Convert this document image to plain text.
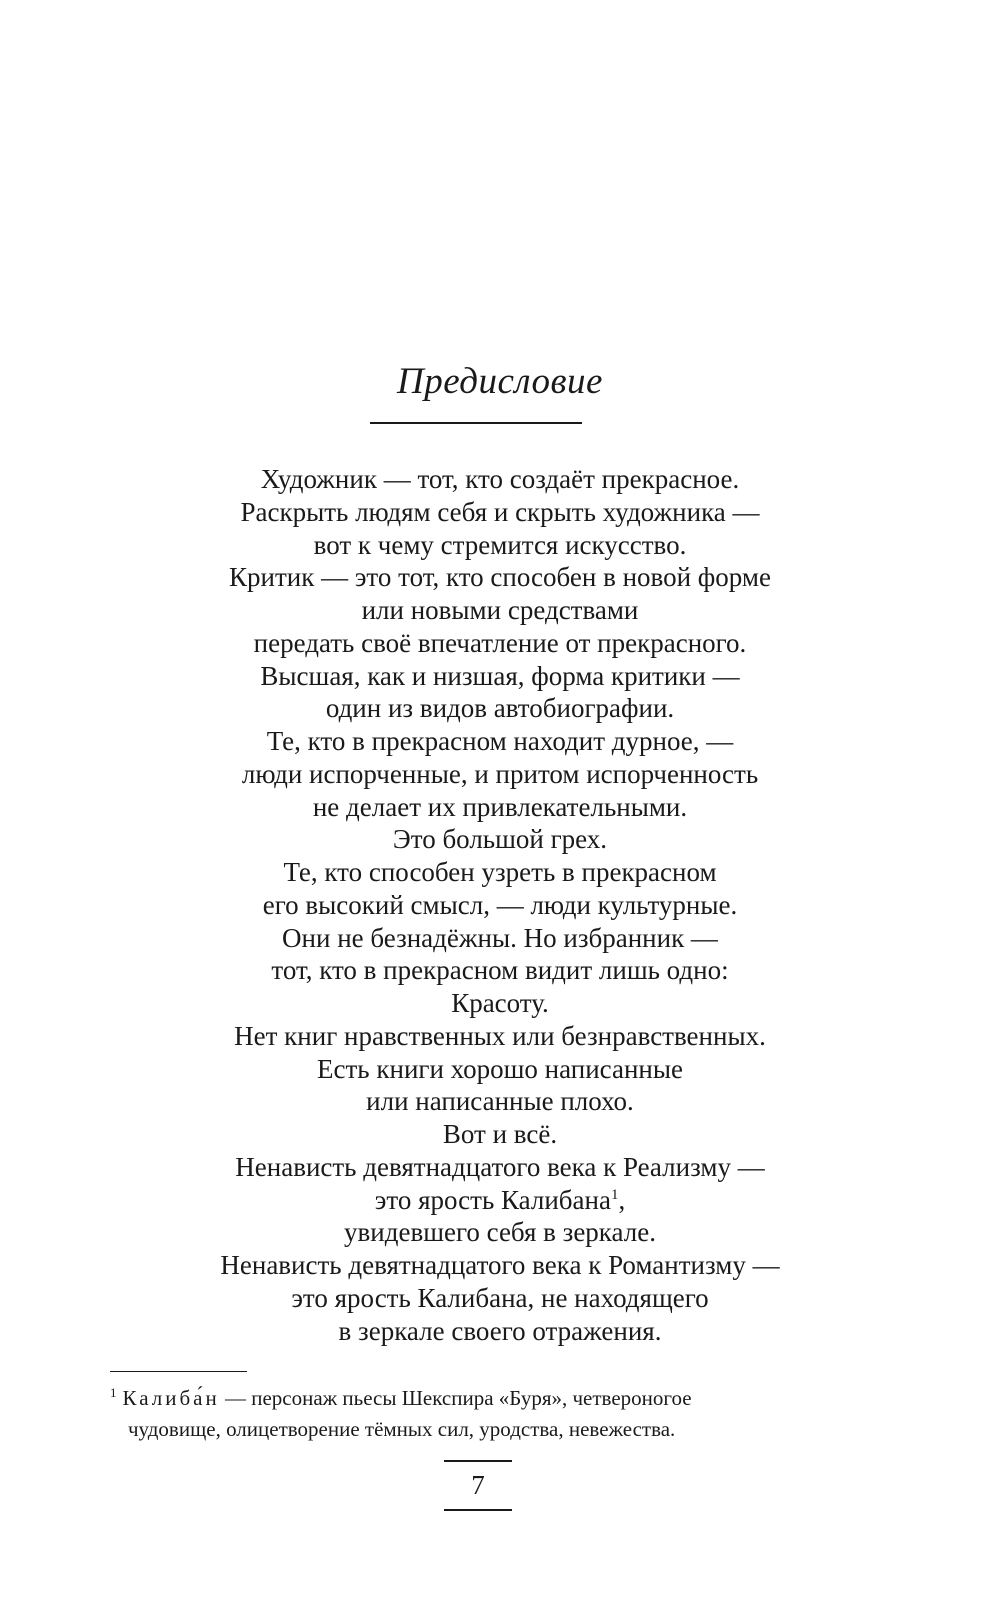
Предисловие
Художник — тот, кто создаёт прекрасное.
Раскрыть людям себя и скрыть художника —
вот к чему стремится искусство.
Критик — это тот, кто способен в новой форме
или новыми средствами
передать своё впечатление от прекрасного.
Высшая, как и низшая, форма критики —
один из видов автобиографии.
Те, кто в прекрасном находит дурное, —
люди испорченные, и притом испорченность
не делает их привлекательными.
Это большой грех.
Те, кто способен узреть в прекрасном
его высокий смысл, — люди культурные.
Они не безнадёжны. Но избранник —
тот, кто в прекрасном видит лишь одно:
Красоту.
Нет книг нравственных или безнравственных.
Есть книги хорошо написанные
или написанные плохо.
Вот и всё.
Ненависть девятнадцатого века к Реализму —
это ярость Калибана$^1$,
увидевшего себя в зеркале.
Ненависть девятнадцатого века к Романтизму —
это ярость Калибана, не находящего
в зеркале своего отражения.
$^1$ Калиба́н — персонаж пьесы Шекспира «Буря», четвероногое
чудовище, олицетворение тёмных сил, уродства, невежества.
7
